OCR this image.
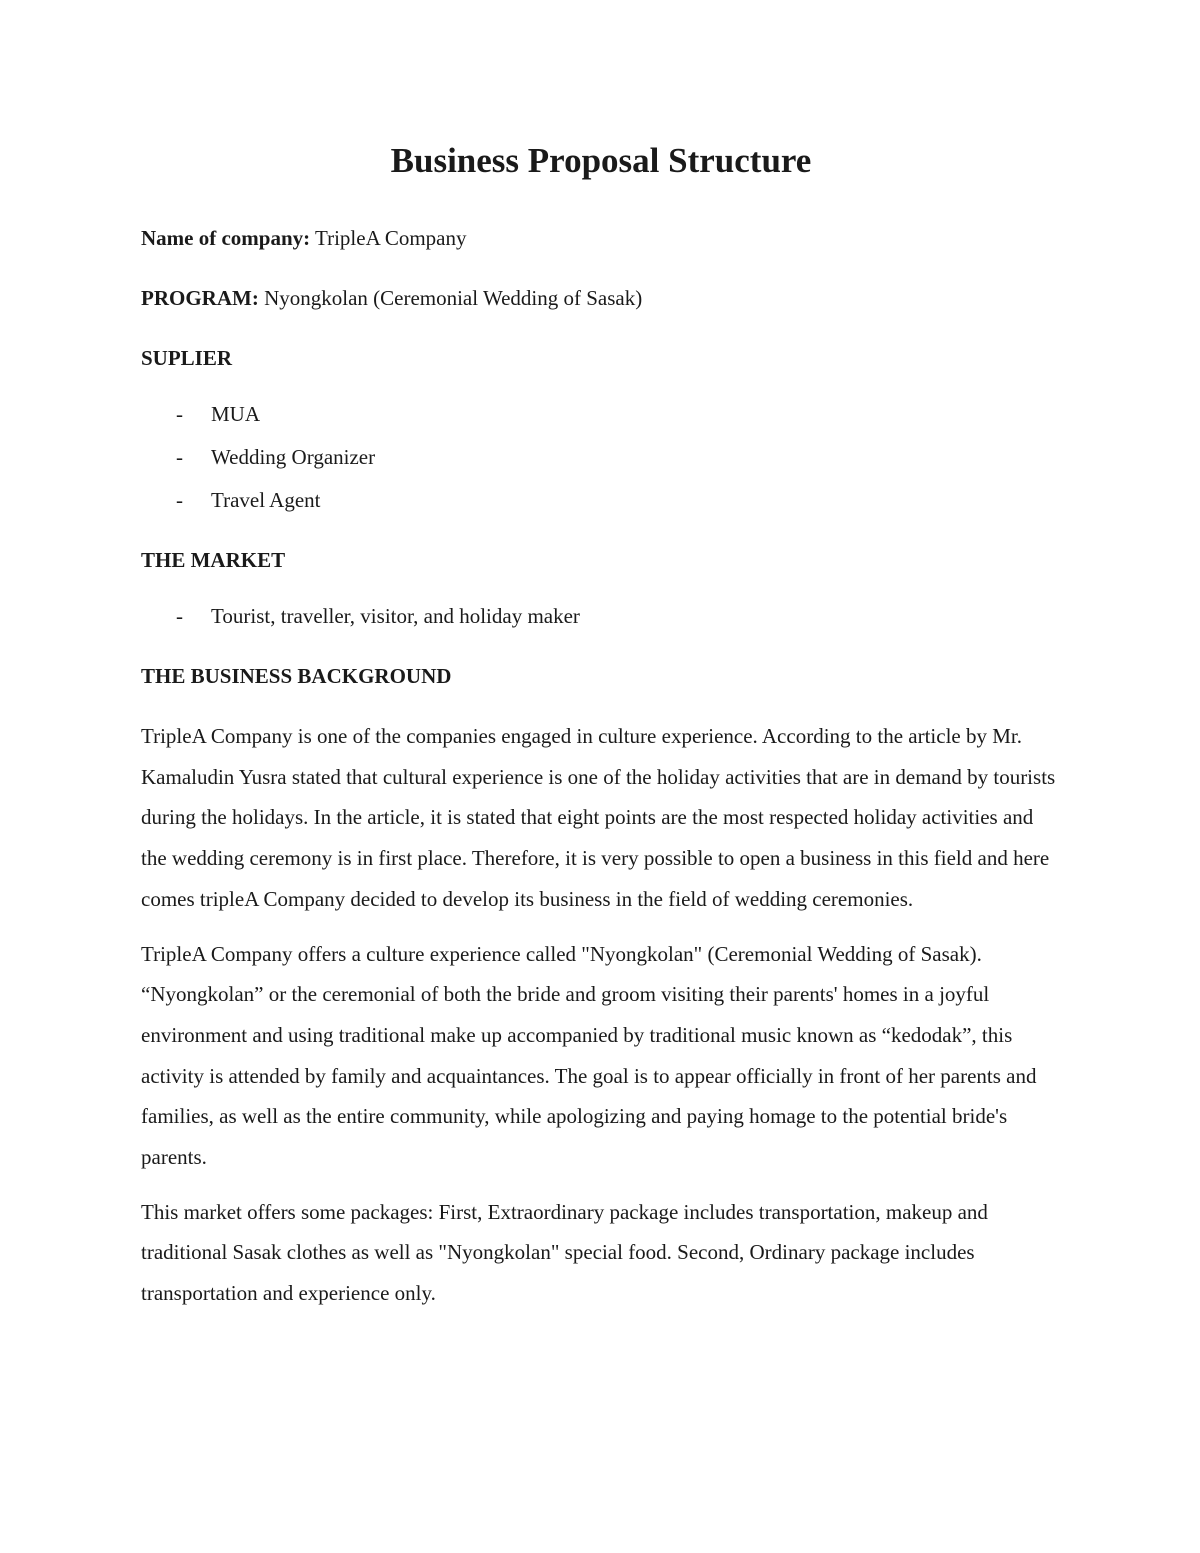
Business Proposal Structure

Name of company: TripleA Company

PROGRAM: Nyongkolan (Ceremonial Wedding of Sasak)

SUPLIER
- MUA
- Wedding Organizer
- Travel Agent
THE MARKET
- Tourist, traveller, visitor, and holiday maker
THE BUSINESS BACKGROUND

TripleA Company is one of the companies engaged in culture experience. According to the article by Mr. Kamaludin Yusra stated that cultural experience is one of the holiday activities that are in demand by tourists during the holidays. In the article, it is stated that eight points are the most respected holiday activities and the wedding ceremony is in first place. Therefore, it is very possible to open a business in this field and here comes tripleA Company decided to develop its business in the field of wedding ceremonies.

TripleA Company offers a culture experience called "Nyongkolan" (Ceremonial Wedding of Sasak). “Nyongkolan” or the ceremonial of both the bride and groom visiting their parents' homes in a joyful environment and using traditional make up accompanied by traditional music known as “kedodak”, this activity is attended by family and acquaintances. The goal is to appear officially in front of her parents and families, as well as the entire community, while apologizing and paying homage to the potential bride's parents.

This market offers some packages: First, Extraordinary package includes transportation, makeup and traditional Sasak clothes as well as "Nyongkolan" special food. Second, Ordinary package includes transportation and experience only.
